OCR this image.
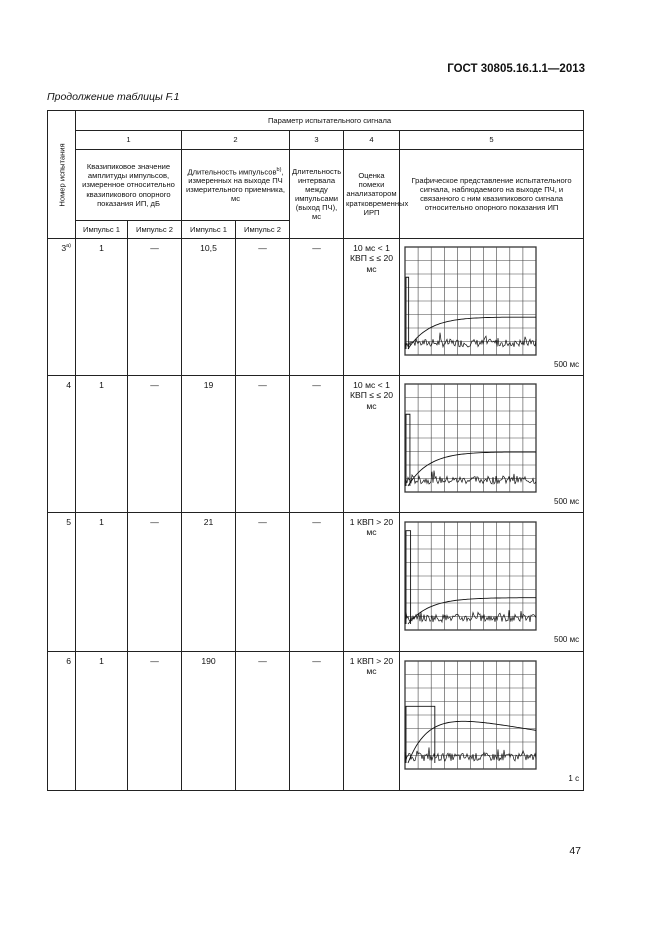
ГОСТ 30805.16.1.1—2013
Продолжение таблицы F.1
Номер испытания	Параметр испытательного сигнала						
	1		2		3	4	5
	Квазипиковое значение амплитуды импульсов, измеренное относительно квазипикового опорного показания ИП, дБ		Длительность импульсов$^{b)}$, измеренных на выходе ПЧ измерительного приемника, мс		Длительность интервала между импульсами (выход ПЧ), мс	Оценка помехи анализатором кратковременных ИРП	Графическое представление испытательного сигнала, наблюдаемого на выходе ПЧ, и связанного с ним квазипикового сигнала относительно опорного показания ИП
	Импульс 1	Импульс 2	Импульс 1	Импульс 2			
3$^{a)}$	1	—	10,5	—	—	10 мс < 1 КВП ≤ ≤ 20 мс	500 мс

4	1	—	19	—	—	10 мс < 1 КВП ≤ ≤ 20 мс	500 мс

5	1	—	21	—	—	1 КВП > 20 мс	500 мс

6	1	—	190	—	—	1 КВП > 20 мс	1 с
47
